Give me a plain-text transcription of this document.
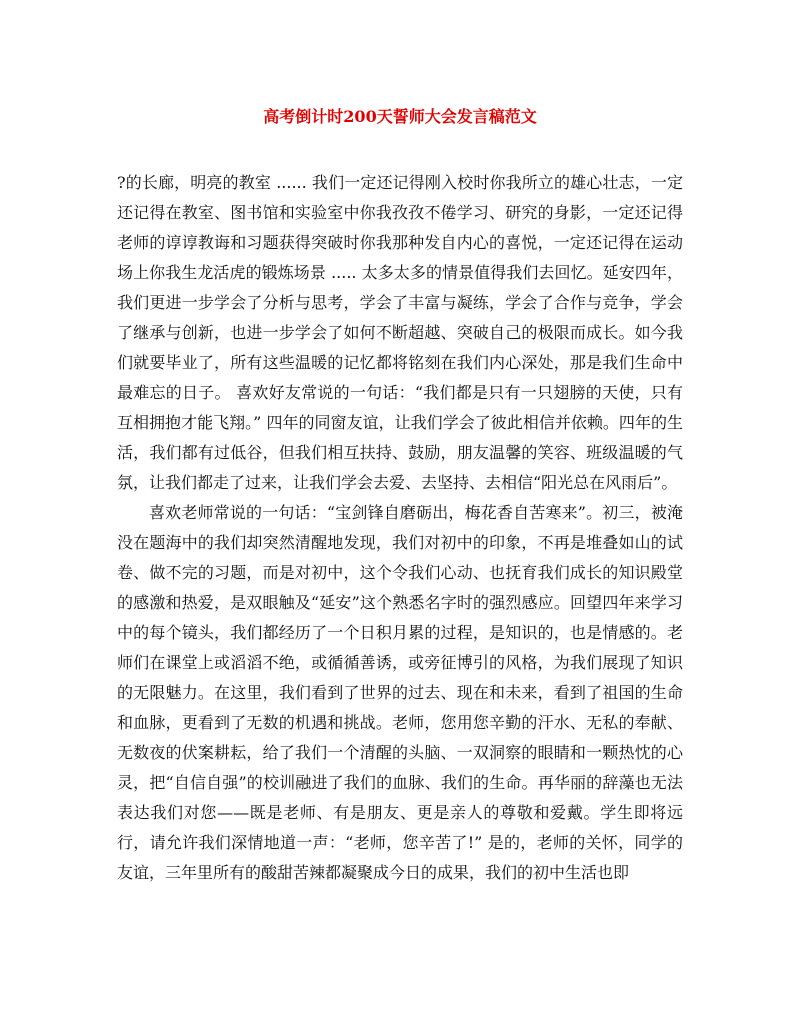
高考倒计时200天誓师大会发言稿范文

?的长廊，明亮的教室 ...... 我们一定还记得刚入校时你我所立的雄心壮志，一定还记得在教室、图书馆和实验室中你我孜孜不倦学习、研究的身影，一定还记得老师的谆谆教诲和习题获得突破时你我那种发自内心的喜悦，一定还记得在运动场上你我生龙活虎的锻炼场景 ..... 太多太多的情景值得我们去回忆。延安四年，我们更进一步学会了分析与思考，学会了丰富与凝练，学会了合作与竞争，学会了继承与创新，也进一步学会了如何不断超越、突破自己的极限而成长。如今我们就要毕业了，所有这些温暖的记忆都将铭刻在我们内心深处，那是我们生命中最难忘的日子。 喜欢好友常说的一句话：“我们都是只有一只翅膀的天使，只有互相拥抱才能飞翔。” 四年的同窗友谊，让我们学会了彼此相信并依赖。四年的生活，我们都有过低谷，但我们相互扶持、鼓励，朋友温馨的笑容、班级温暖的气氛，让我们都走了过来，让我们学会去爱、去坚持、去相信“阳光总在风雨后”。

喜欢老师常说的一句话：“宝剑锋自磨砺出，梅花香自苦寒来”。初三，被淹没在题海中的我们却突然清醒地发现，我们对初中的印象，不再是堆叠如山的试卷、做不完的习题，而是对初中，这个令我们心动、也抚育我们成长的知识殿堂的感激和热爱，是双眼触及“延安”这个熟悉名字时的强烈感应。回望四年来学习中的每个镜头，我们都经历了一个日积月累的过程，是知识的，也是情感的。老师们在课堂上或滔滔不绝，或循循善诱，或旁征博引的风格，为我们展现了知识的无限魅力。在这里，我们看到了世界的过去、现在和未来，看到了祖国的生命和血脉，更看到了无数的机遇和挑战。老师，您用您辛勤的汗水、无私的奉献、无数夜的伏案耕耘，给了我们一个清醒的头脑、一双洞察的眼睛和一颗热忱的心灵，把“自信自强”的校训融进了我们的血脉、我们的生命。再华丽的辞藻也无法表达我们对您——既是老师、有是朋友、更是亲人的尊敬和爱戴。学生即将远行，请允许我们深情地道一声：“老师，您辛苦了!” 是的，老师的关怀，同学的友谊，三年里所有的酸甜苦辣都凝聚成今日的成果，我们的初中生活也即
